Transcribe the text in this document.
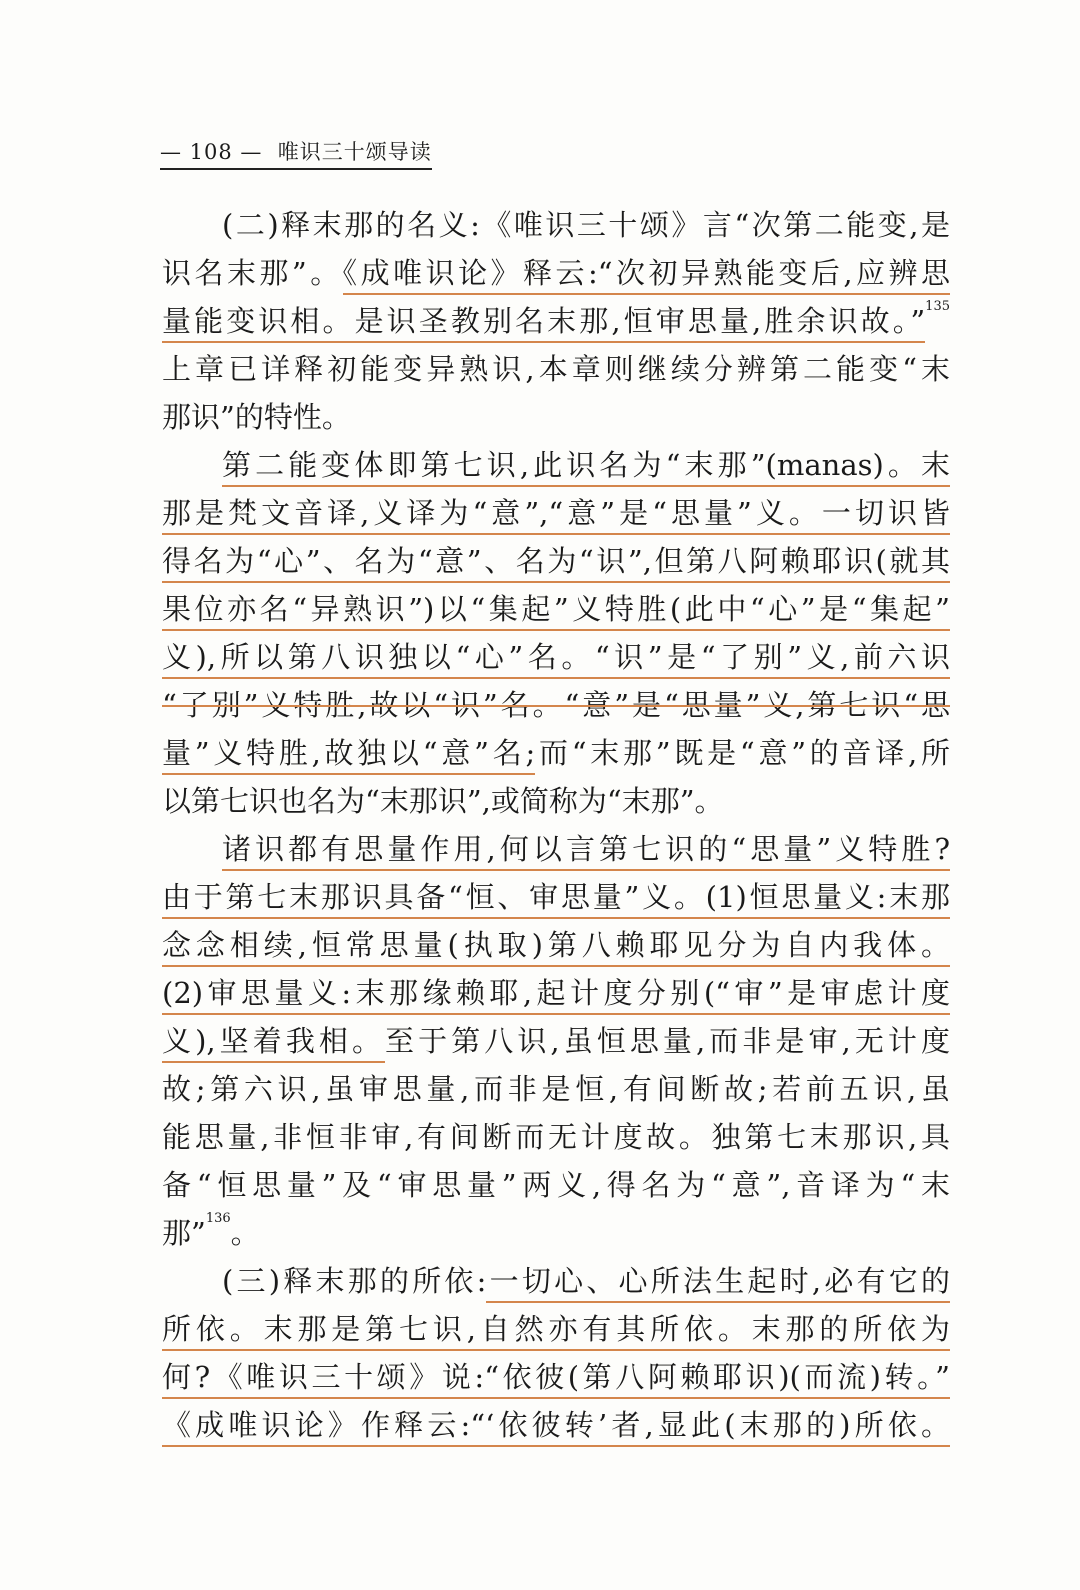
— 108 — 唯识三十颂导读
(二)释末那的名义:《唯识三十颂》言“次第二能变,是
识名末那”。《成唯识论》释云:“次初异熟能变后,应辨思
量能变识相。是识圣教别名末那,恒审思量,胜余识故。”$^{135}$
上章已详释初能变异熟识,本章则继续分辨第二能变“末
那识”的特性。
第二能变体即第七识,此识名为“末那”(manas)。末
那是梵文音译,义译为“意”,“意”是“思量”义。一切识皆
得名为“心”、名为“意”、名为“识”,但第八阿赖耶识(就其
果位亦名“异熟识”)以“集起”义特胜(此中“心”是“集起”
义),所以第八识独以“心”名。“识”是“了别”义,前六识
“了别”义特胜,故以“识”名。“意”是“思量”义,第七识“思
量”义特胜,故独以“意”名;而“末那”既是“意”的音译,所
以第七识也名为“末那识”,或简称为“末那”。
诸识都有思量作用,何以言第七识的“思量”义特胜?
由于第七末那识具备“恒、审思量”义。(1)恒思量义:末那
念念相续,恒常思量(执取)第八赖耶见分为自内我体。
(2)审思量义:末那缘赖耶,起计度分别(“审”是审虑计度
义),坚着我相。至于第八识,虽恒思量,而非是审,无计度
故;第六识,虽审思量,而非是恒,有间断故;若前五识,虽
能思量,非恒非审,有间断而无计度故。独第七末那识,具
备“恒思量”及“审思量”两义,得名为“意”,音译为“末
那”$^{136}$。
(三)释末那的所依:一切心、心所法生起时,必有它的
所依。末那是第七识,自然亦有其所依。末那的所依为
何?《唯识三十颂》说:“依彼(第八阿赖耶识)(而流)转。”
《成唯识论》作释云:“‘依彼转’者,显此(末那的)所依。
